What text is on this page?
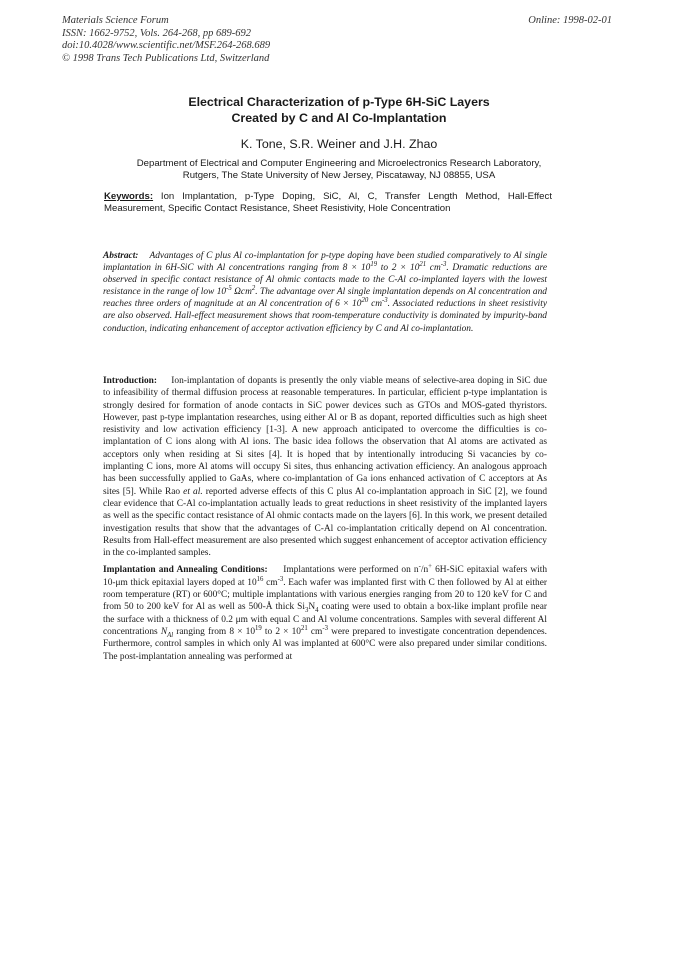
Materials Science Forum
ISSN: 1662-9752, Vols. 264-268, pp 689-692
doi:10.4028/www.scientific.net/MSF.264-268.689
© 1998 Trans Tech Publications Ltd, Switzerland
Online: 1998-02-01
Electrical Characterization of p-Type 6H-SiC Layers
Created by C and Al Co-Implantation
K. Tone, S.R. Weiner and J.H. Zhao
Department of Electrical and Computer Engineering and Microelectronics Research Laboratory,
Rutgers, The State University of New Jersey, Piscataway, NJ 08855, USA
Keywords: Ion Implantation, p-Type Doping, SiC, Al, C, Transfer Length Method, Hall-Effect Measurement, Specific Contact Resistance, Sheet Resistivity, Hole Concentration
Abstract: Advantages of C plus Al co-implantation for p-type doping have been studied comparatively to Al single implantation in 6H-SiC with Al concentrations ranging from $8 \times 10^{19}$ to $2 \times 10^{21}$ $cm^{-3}$. Dramatic reductions are observed in specific contact resistance of Al ohmic contacts made to the C-Al co-implanted layers with the lowest resistance in the range of low $10^{-5}$ Ωcm$^2$. The advantage over Al single implantation depends on Al concentration and reaches three orders of magnitude at an Al concentration of $6 \times 10^{20}$ $cm^{-3}$. Associated reductions in sheet resistivity are also observed. Hall-effect measurement shows that room-temperature conductivity is dominated by impurity-band conduction, indicating enhancement of acceptor activation efficiency by C and Al co-implantation.

Introduction: Ion-implantation of dopants is presently the only viable means of selective-area doping in SiC due to infeasibility of thermal diffusion process at reasonable temperatures. In particular, efficient p-type implantation is strongly desired for formation of anode contacts in SiC power devices such as GTOs and MOS-gated thyristors. However, past p-type implantation researches, using either Al or B as dopant, reported difficulties such as high sheet resistivity and low activation efficiency [1-3]. A new approach anticipated to overcome the difficulties is co-implantation of C ions along with Al ions. The basic idea follows the observation that Al atoms are activated as acceptors only when residing at Si sites [4]. It is hoped that by intentionally introducing Si vacancies by co-implanting C ions, more Al atoms will occupy Si sites, thus enhancing activation efficiency. An analogous approach has been successfully applied to GaAs, where co-implantation of Ga ions enhanced activation of C acceptors at As sites [5]. While Rao et al. reported adverse effects of this C plus Al co-implantation approach in SiC [2], we found clear evidence that C-Al co-implantation actually leads to great reductions in sheet resistivity of the implanted layers as well as the specific contact resistance of Al ohmic contacts made on the layers [6]. In this work, we present detailed investigation results that show that the advantages of C-Al co-implantation critically depend on Al concentration. Results from Hall-effect measurement are also presented which suggest enhancement of acceptor activation efficiency in the co-implanted samples.

Implantation and Annealing Conditions: Implantations were performed on n-/n+ 6H-SiC epitaxial wafers with 10-μm thick epitaxial layers doped at $10^{16}$ $cm^{-3}$. Each wafer was implanted first with C then followed by Al at either room temperature (RT) or 600°C; multiple implantations with various energies ranging from 20 to 120 keV for C and from 50 to 200 keV for Al as well as 500-Å thick $Si_3N_4$ coating were used to obtain a box-like implant profile near the surface with a thickness of 0.2 μm with equal C and Al volume concentrations. Samples with several different Al concentrations $N_{Al}$ ranging from $8 \times 10^{19}$ to $2 \times 10^{21}$ $cm^{-3}$ were prepared to investigate concentration dependences. Furthermore, control samples in which only Al was implanted at 600°C were also prepared under similar conditions. The post-implantation annealing was performed at
